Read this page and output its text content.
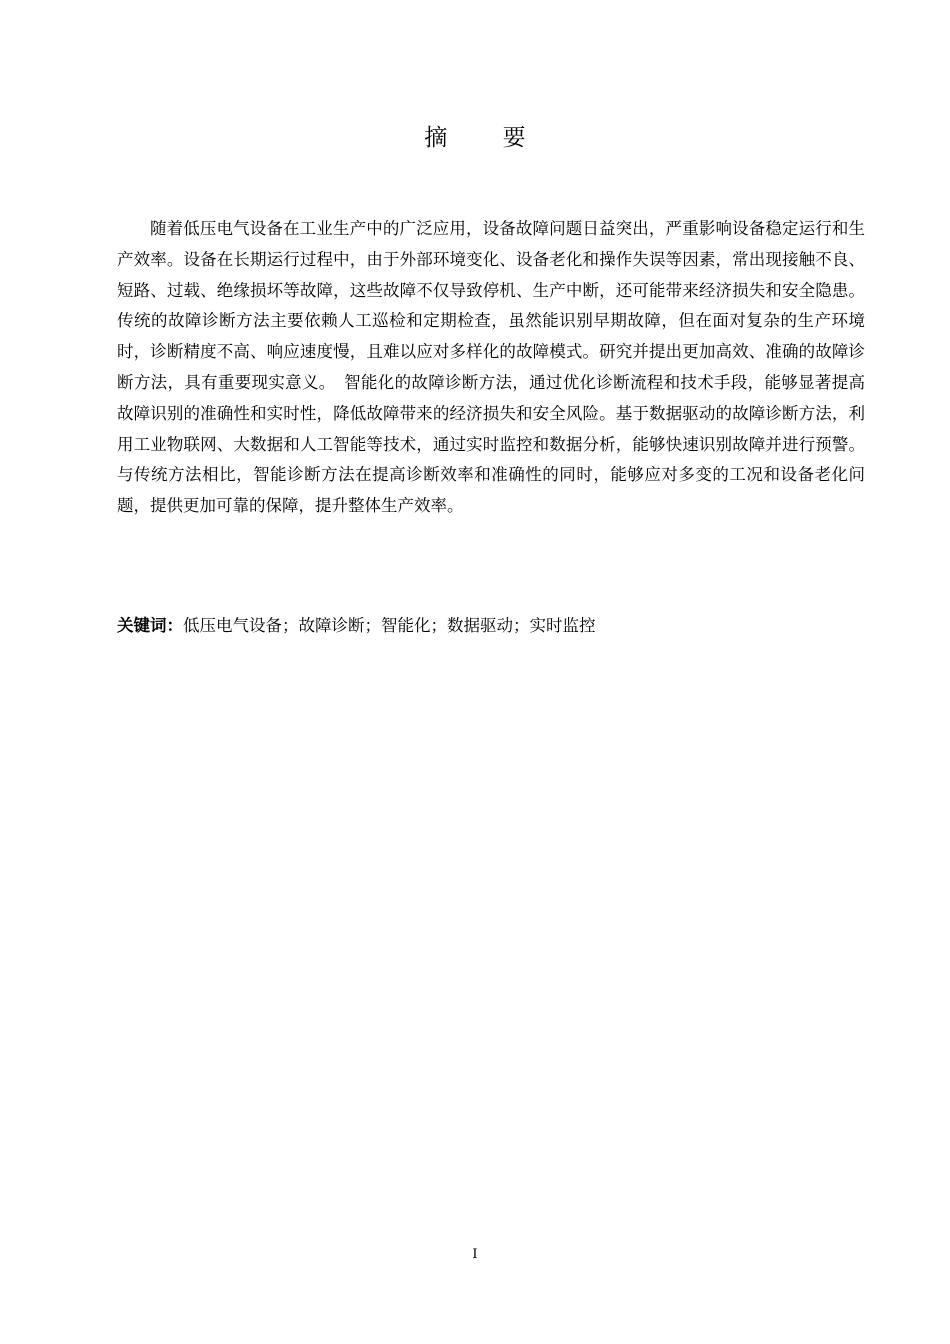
摘 要

随着低压电气设备在工业生产中的广泛应用，设备故障问题日益突出，严重影响设备稳定运行和生产效率。设备在长期运行过程中，由于外部环境变化、设备老化和操作失误等因素，常出现接触不良、短路、过载、绝缘损坏等故障，这些故障不仅导致停机、生产中断，还可能带来经济损失和安全隐患。传统的故障诊断方法主要依赖人工巡检和定期检查，虽然能识别早期故障，但在面对复杂的生产环境时，诊断精度不高、响应速度慢，且难以应对多样化的故障模式。研究并提出更加高效、准确的故障诊断方法，具有重要现实意义。　智能化的故障诊断方法，通过优化诊断流程和技术手段，能够显著提高故障识别的准确性和实时性，降低故障带来的经济损失和安全风险。基于数据驱动的故障诊断方法，利用工业物联网、大数据和人工智能等技术，通过实时监控和数据分析，能够快速识别故障并进行预警。与传统方法相比，智能诊断方法在提高诊断效率和准确性的同时，能够应对多变的工况和设备老化问题，提供更加可靠的保障，提升整体生产效率。

关键词：低压电气设备；故障诊断；智能化；数据驱动；实时监控

I
